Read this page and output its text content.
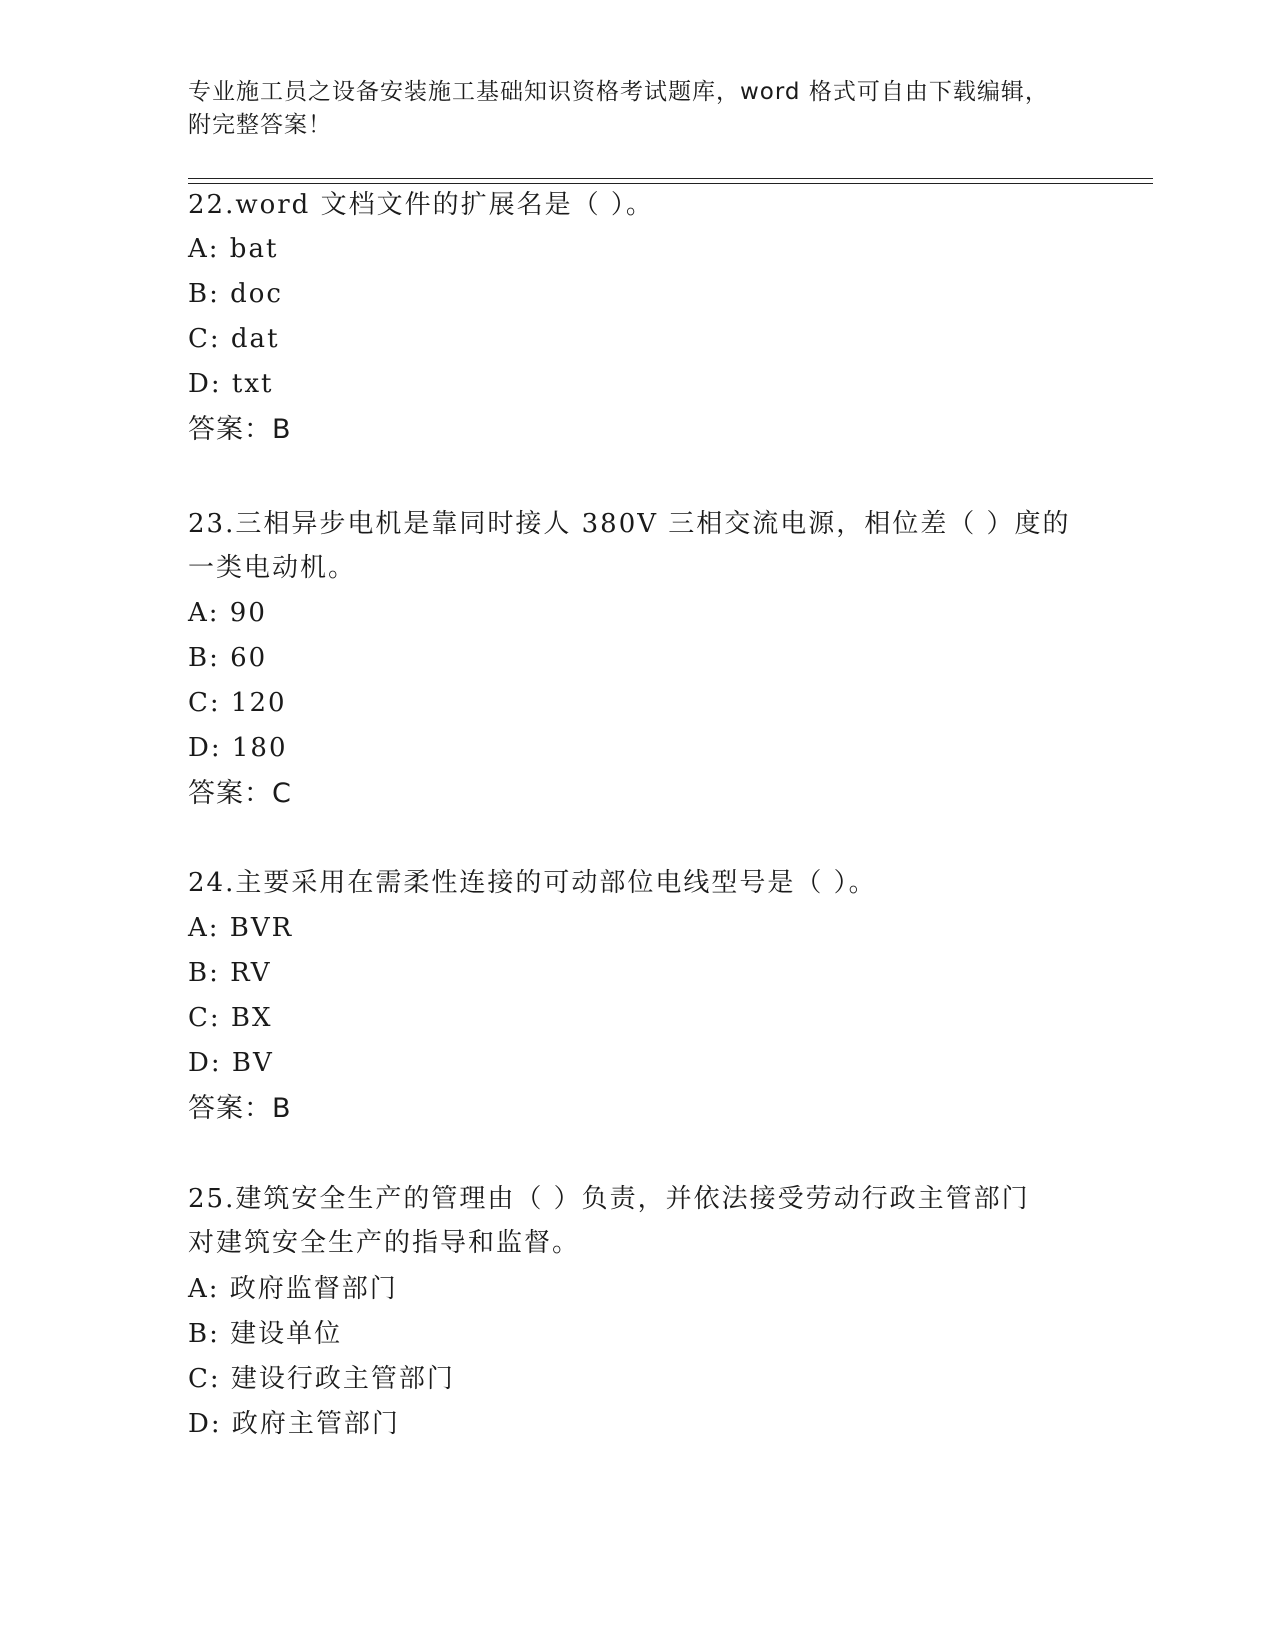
专业施工员之设备安装施工基础知识资格考试题库，word 格式可自由下载编辑，
附完整答案！
22.word 文档文件的扩展名是（ ）。
A: bat
B: doc
C: dat
D: txt
答案：B
23.三相异步电机是靠同时接人 380V 三相交流电源，相位差（ ）度的
一类电动机。
A: 90
B: 60
C: 120
D: 180
答案：C
24.主要采用在需柔性连接的可动部位电线型号是（ ）。
A: BVR
B: RV
C: BX
D: BV
答案：B
25.建筑安全生产的管理由（ ）负责，并依法接受劳动行政主管部门
对建筑安全生产的指导和监督。
A: 政府监督部门
B: 建设单位
C: 建设行政主管部门
D: 政府主管部门
